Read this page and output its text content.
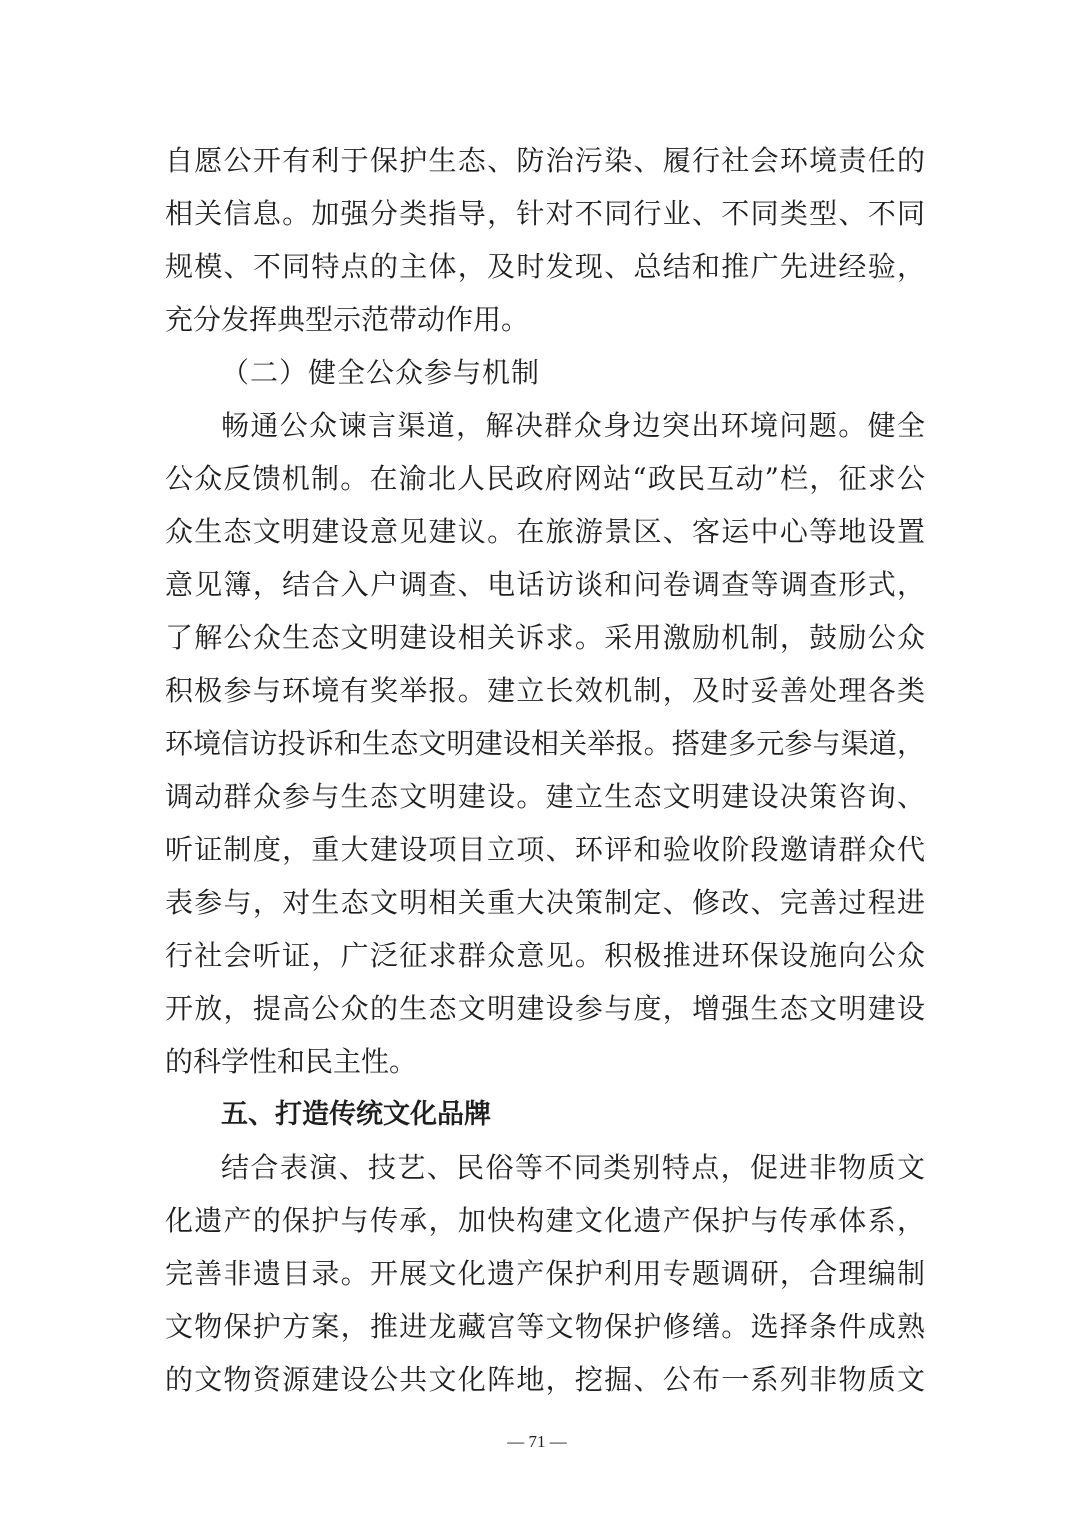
自愿公开有利于保护生态、防治污染、履行社会环境责任的
相关信息。加强分类指导，针对不同行业、不同类型、不同
规模、不同特点的主体，及时发现、总结和推广先进经验，
充分发挥典型示范带动作用。
（二）健全公众参与机制
畅通公众谏言渠道，解决群众身边突出环境问题。健全
公众反馈机制。在渝北人民政府网站“政民互动”栏，征求公
众生态文明建设意见建议。在旅游景区、客运中心等地设置
意见簿，结合入户调查、电话访谈和问卷调查等调查形式，
了解公众生态文明建设相关诉求。采用激励机制，鼓励公众
积极参与环境有奖举报。建立长效机制，及时妥善处理各类
环境信访投诉和生态文明建设相关举报。搭建多元参与渠道，
调动群众参与生态文明建设。建立生态文明建设决策咨询、
听证制度，重大建设项目立项、环评和验收阶段邀请群众代
表参与，对生态文明相关重大决策制定、修改、完善过程进
行社会听证，广泛征求群众意见。积极推进环保设施向公众
开放，提高公众的生态文明建设参与度，增强生态文明建设
的科学性和民主性。
五、打造传统文化品牌
结合表演、技艺、民俗等不同类别特点，促进非物质文
化遗产的保护与传承，加快构建文化遗产保护与传承体系，
完善非遗目录。开展文化遗产保护利用专题调研，合理编制
文物保护方案，推进龙藏宫等文物保护修缮。选择条件成熟
的文物资源建设公共文化阵地，挖掘、公布一系列非物质文
— 71 —
